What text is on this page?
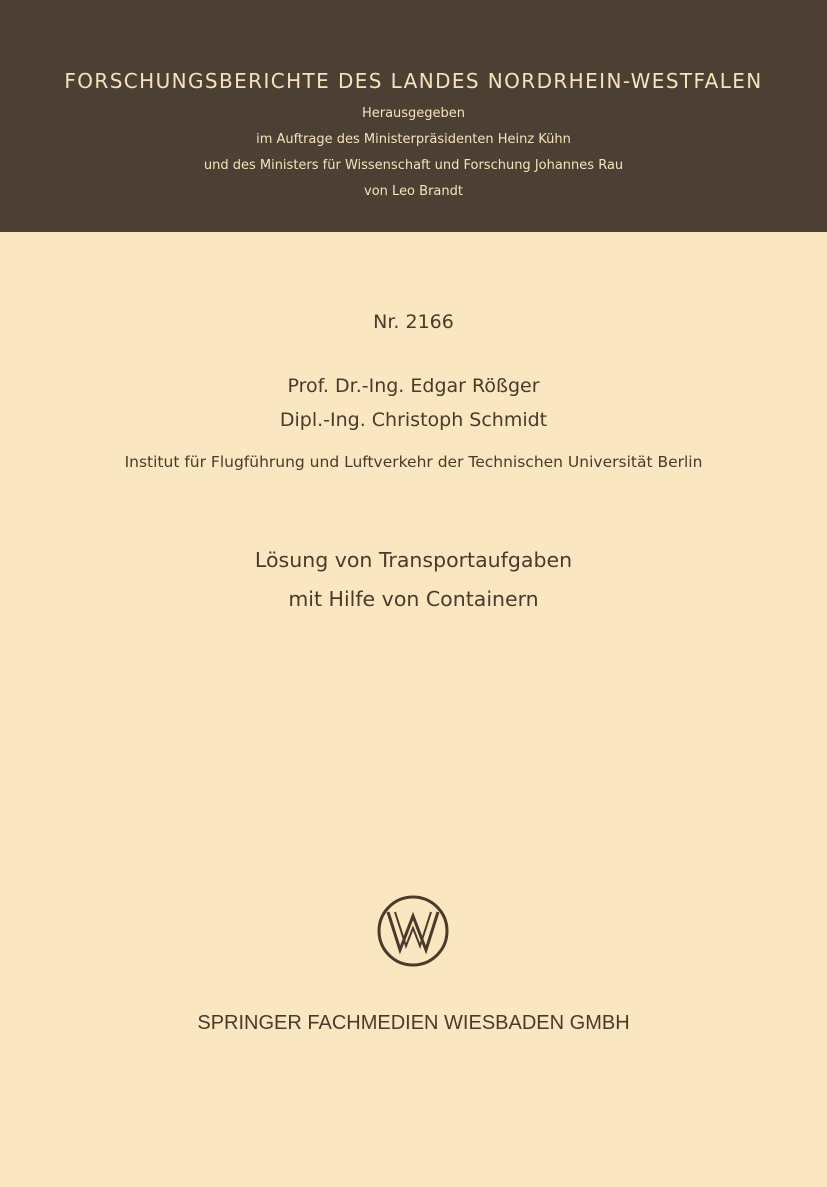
FORSCHUNGSBERICHTE DES LANDES NORDRHEIN-WESTFALEN
Herausgegeben
im Auftrage des Ministerpräsidenten Heinz Kühn
und des Ministers für Wissenschaft und Forschung Johannes Rau
von Leo Brandt
Nr. 2166
Prof. Dr.-Ing. Edgar Rößger
Dipl.-Ing. Christoph Schmidt
Institut für Flugführung und Luftverkehr der Technischen Universität Berlin
Lösung von Transportaufgaben
mit Hilfe von Containern
SPRINGER FACHMEDIEN WIESBADEN GMBH
